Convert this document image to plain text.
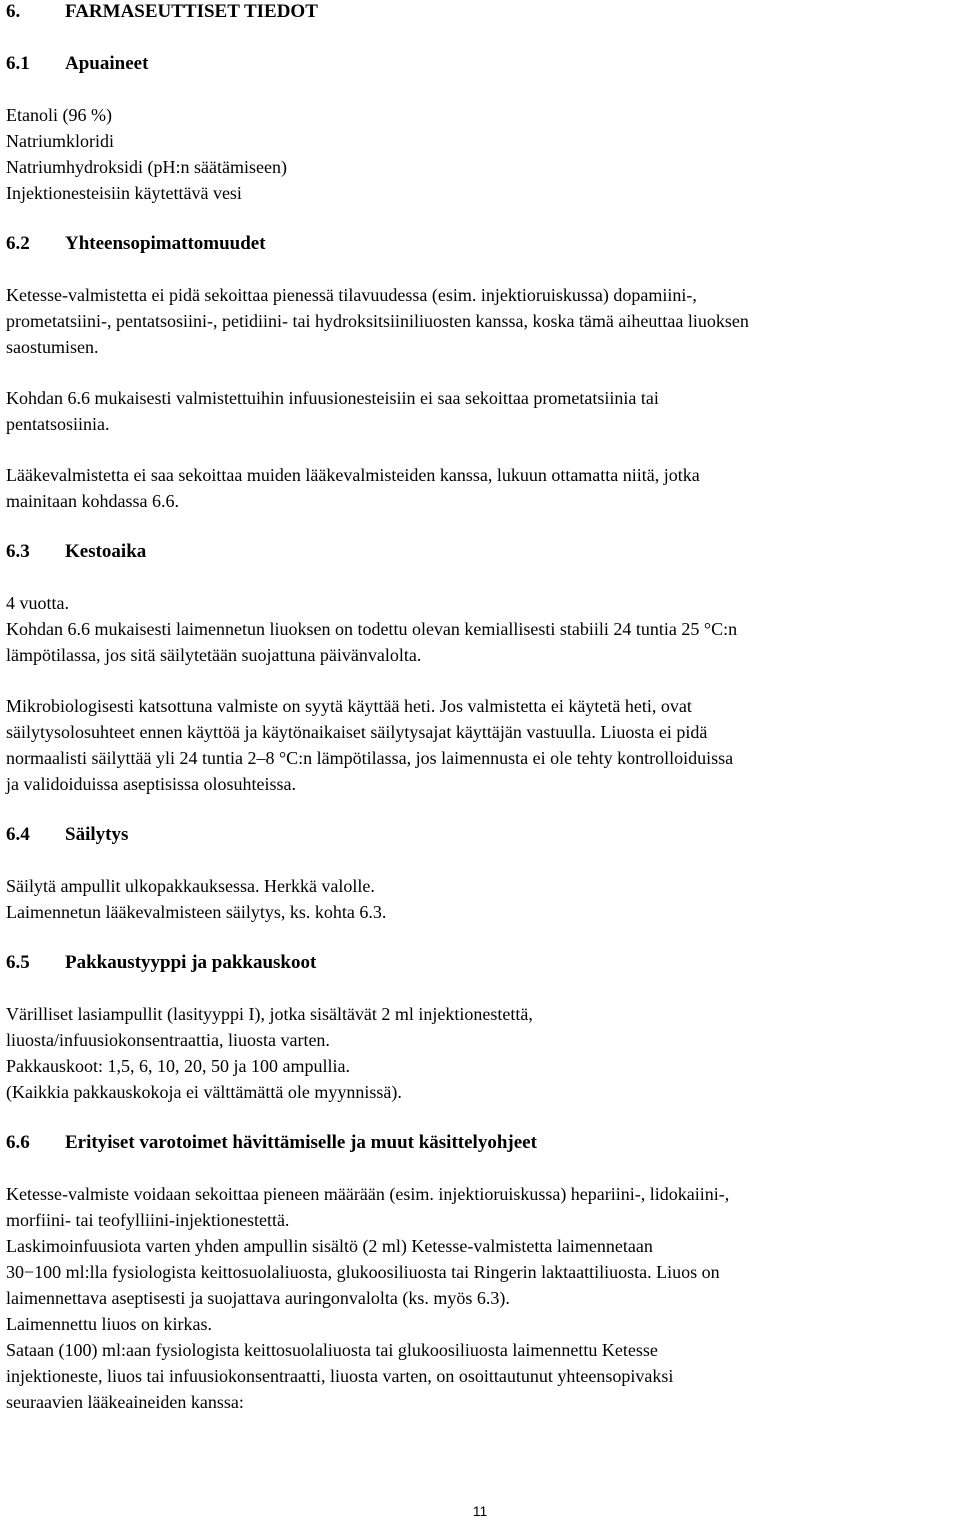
6. FARMASEUTTISET TIEDOT
6.1 Apuaineet

Etanoli (96 %)
Natriumkloridi
Natriumhydroksidi (pH:n säätämiseen)
Injektionesteisiin käytettävä vesi

6.2 Yhteensopimattomuudet

Ketesse-valmistetta ei pidä sekoittaa pienessä tilavuudessa (esim. injektioruiskussa) dopamiini-,
prometatsiini-, pentatsosiini-, petidiini- tai hydroksitsiiniliuosten kanssa, koska tämä aiheuttaa liuoksen
saostumisen.

Kohdan 6.6 mukaisesti valmistettuihin infuusionesteisiin ei saa sekoittaa prometatsiinia tai
pentatsosiinia.

Lääkevalmistetta ei saa sekoittaa muiden lääkevalmisteiden kanssa, lukuun ottamatta niitä, jotka
mainitaan kohdassa 6.6.

6.3 Kestoaika

4 vuotta.
Kohdan 6.6 mukaisesti laimennetun liuoksen on todettu olevan kemiallisesti stabiili 24 tuntia 25 °C:n
lämpötilassa, jos sitä säilytetään suojattuna päivänvalolta.

Mikrobiologisesti katsottuna valmiste on syytä käyttää heti. Jos valmistetta ei käytetä heti, ovat
säilytysolosuhteet ennen käyttöä ja käytönaikaiset säilytysajat käyttäjän vastuulla. Liuosta ei pidä
normaalisti säilyttää yli 24 tuntia 2–8 °C:n lämpötilassa, jos laimennusta ei ole tehty kontrolloiduissa
ja validoiduissa aseptisissa olosuhteissa.

6.4 Säilytys

Säilytä ampullit ulkopakkauksessa. Herkkä valolle.
Laimennetun lääkevalmisteen säilytys, ks. kohta 6.3.

6.5 Pakkaustyyppi ja pakkauskoot

Värilliset lasiampullit (lasityyppi I), jotka sisältävät 2 ml injektionestettä,
liuosta/infuusiokonsentraattia, liuosta varten.
Pakkauskoot: 1,5, 6, 10, 20, 50 ja 100 ampullia.
(Kaikkia pakkauskokoja ei välttämättä ole myynnissä).

6.6 Erityiset varotoimet hävittämiselle ja muut käsittelyohjeet

Ketesse-valmiste voidaan sekoittaa pieneen määrään (esim. injektioruiskussa) hepariini-, lidokaiini-,
morfiini- tai teofylliini-injektionestettä.
Laskimoinfuusiota varten yhden ampullin sisältö (2 ml) Ketesse-valmistetta laimennetaan
30−100 ml:lla fysiologista keittosuolaliuosta, glukoosiliuosta tai Ringerin laktaattiliuosta. Liuos on
laimennettava aseptisesti ja suojattava auringonvalolta (ks. myös 6.3).
Laimennettu liuos on kirkas.
Sataan (100) ml:aan fysiologista keittosuolaliuosta tai glukoosiliuosta laimennettu Ketesse
injektioneste, liuos tai infuusiokonsentraatti, liuosta varten, on osoittautunut yhteensopivaksi
seuraavien lääkeaineiden kanssa:

11
